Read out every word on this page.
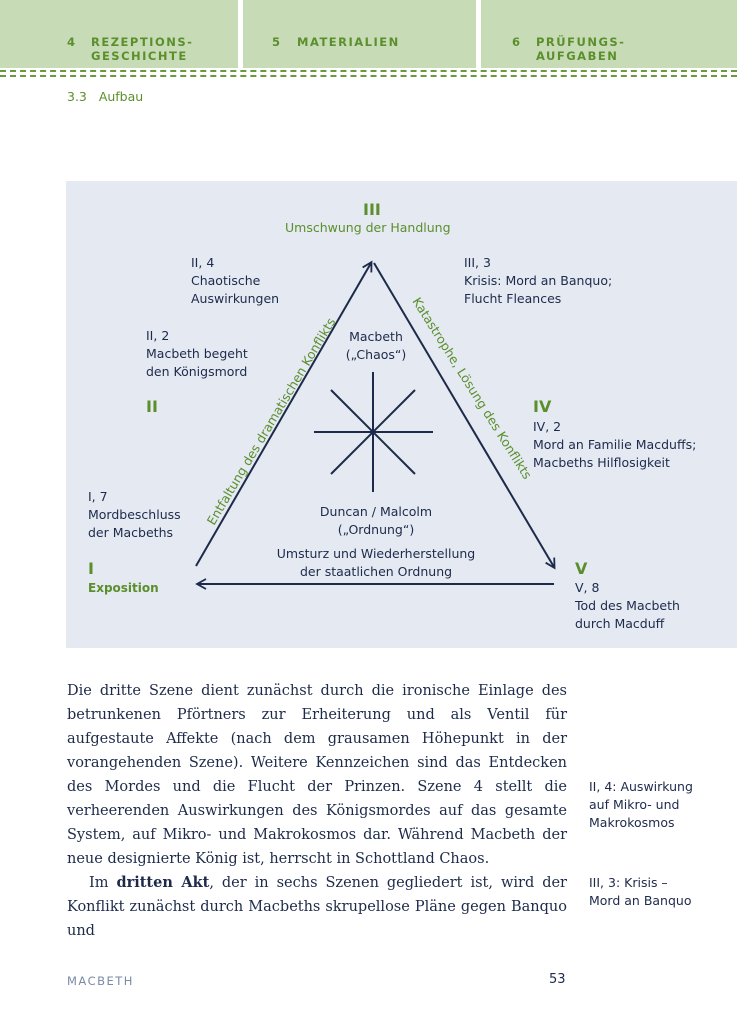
4 REZEPTIONS-
GESCHICHTE
5 MATERIALIEN	6 PRÜFUNGS-
AUFGABEN
3.3 Aufbau
Entfaltung des dramatischen Konflikts
Katastrophe, Lösung des Konflikts
III
Umschwung der Handlung
II, 4
Chaotische
Auswirkungen
III, 3
Krisis: Mord an Banquo;
Flucht Fleances
II, 2
Macbeth begeht
den Königsmord
Macbeth
(„Chaos“)
II	IV
IV, 2
Mord an Familie Macduffs;
Macbeths Hilflosigkeit
I, 7
Mordbeschluss
der Macbeths
Duncan / Malcolm
(„Ordnung“)
Umsturz und Wiederherstellung
der staatlichen Ordnung
I
Exposition
V
V, 8
Tod des Macbeth
durch Macduff

Die dritte Szene dient zunächst durch die ironische Einlage des betrunkenen Pförtners zur Erheiterung und als Ventil für aufgestaute Affekte (nach dem grausamen Höhepunkt in der vorangehenden Szene). Weitere Kennzeichen sind das Entdecken des Mordes und die Flucht der Prinzen. Szene 4 stellt die verheerenden Auswirkungen des Königsmordes auf das gesamte System, auf Mikro- und Makrokosmos dar. Während Macbeth der neue designierte König ist, herrscht in Schottland Chaos.

Im dritten Akt, der in sechs Szenen gegliedert ist, wird der Konflikt zunächst durch Macbeths skrupellose Pläne gegen Banquo und

II, 4: Auswirkung
auf Mikro- und
Makrokosmos
III, 3: Krisis –
Mord an Banquo
MACBETH	53
